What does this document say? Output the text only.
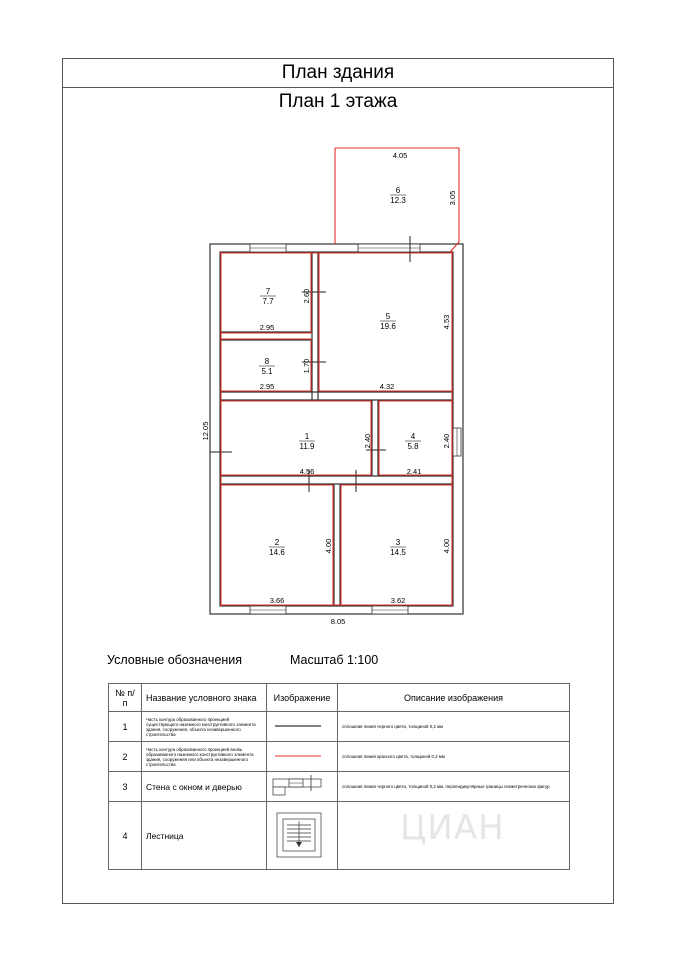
План здания
План 1 этажа
6
12.3
7
7.7
5
19.6
8
5.1
1
11.9
4
5.8
2
14.6
3
14.5
4.05
3.05
2.60
2.95	4.53
1.70
2.95	4.32
12.05
2.40	2.40
4.56	2.41
4.00	4.00
3.66	3.62
8.05
Условные обозначения	Масштаб 1:100
№ п/п	Название условного знака	Изображение	Описание изображения
1	Часть контура образованного проекцией существующего наземного конструктивного элемента здания, сооружения, объекта незавершенного строительства		сплошная линия черного цвета, толщиной 0,2 мм
2	Часть контура образованного проекцией вновь образованного наземного конструктивного элемента здания, сооружения или объекта незавершенного строительства		сплошная линия красного цвета, толщиной 0,2 мм
3	Стена с окном и дверью		сплошная линия черного цвета, толщиной 0,2 мм, перпендикулярные границы геометрических фигур
4	Лестница			ЦИАН
